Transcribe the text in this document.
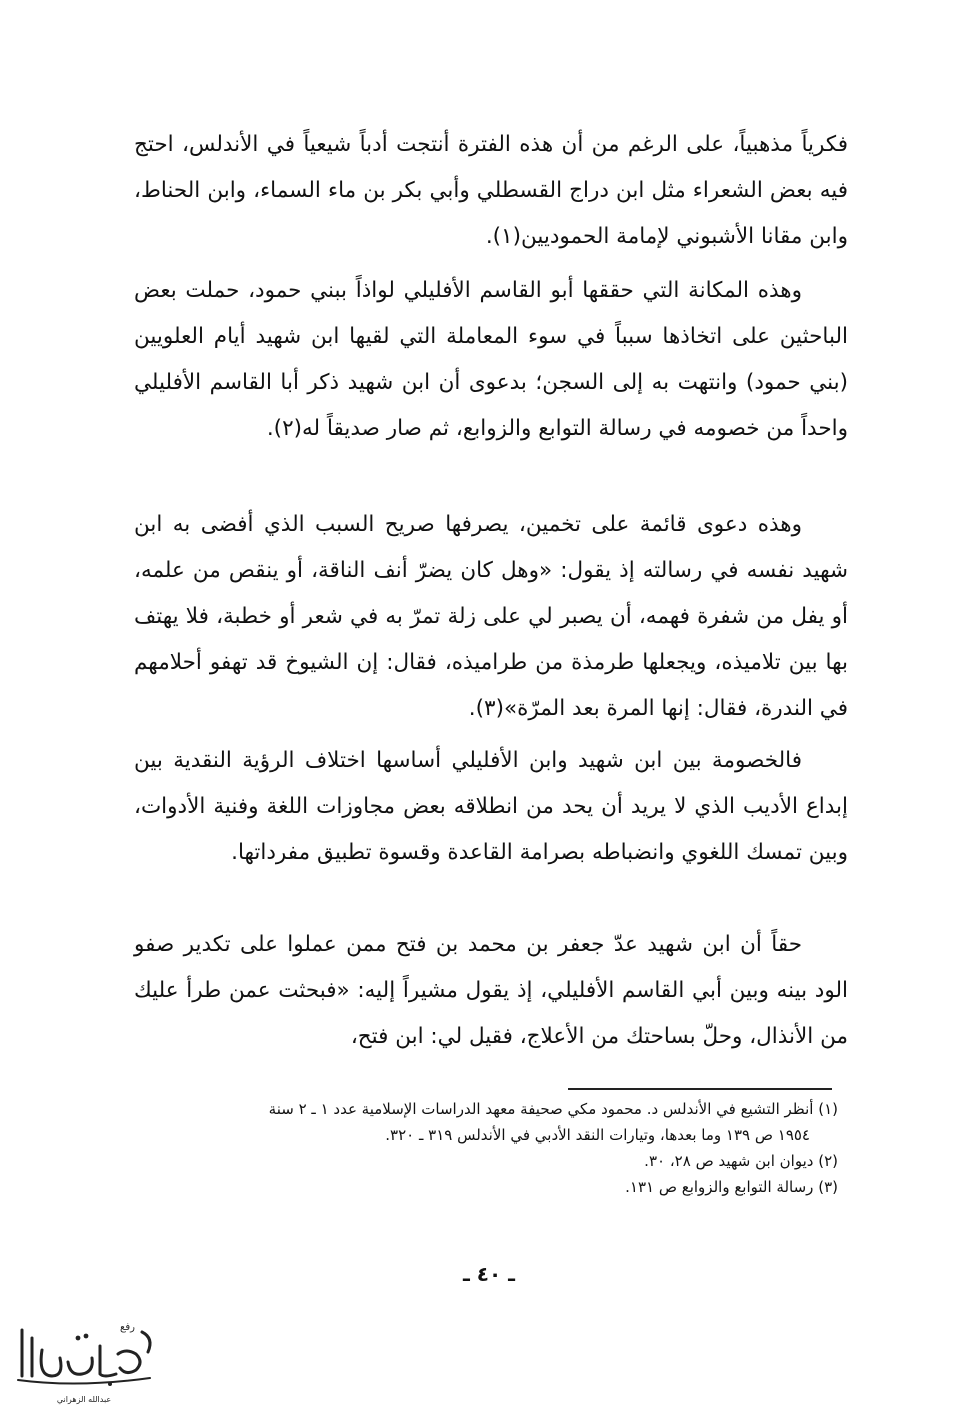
فكرياً مذهبياً، على الرغم من أن هذه الفترة أنتجت أدباً شيعياً في الأندلس، احتج فيه بعض الشعراء مثل ابن دراج القسطلي وأبي بكر بن ماء السماء، وابن الحناط، وابن مقانا الأشبوني لإمامة الحموديين(١).

وهذه المكانة التي حققها أبو القاسم الأفليلي لواذاً ببني حمود، حملت بعض الباحثين على اتخاذها سبباً في سوء المعاملة التي لقيها ابن شهيد أيام العلويين (بني حمود) وانتهت به إلى السجن؛ بدعوى أن ابن شهيد ذكر أبا القاسم الأفليلي واحداً من خصومه في رسالة التوابع والزوابع، ثم صار صديقاً له(٢).

وهذه دعوى قائمة على تخمين، يصرفها صريح السبب الذي أفضى به ابن شهيد نفسه في رسالته إذ يقول: «وهل كان يضرّ أنف الناقة، أو ينقص من علمه، أو يفل من شفرة فهمه، أن يصبر لي على زلة تمرّ به في شعر أو خطبة، فلا يهتف بها بين تلاميذه، ويجعلها طرمذة من طراميذه، فقال: إن الشيوخ قد تهفو أحلامهم في الندرة، فقال: إنها المرة بعد المرّة»(٣).

فالخصومة بين ابن شهيد وابن الأفليلي أساسها اختلاف الرؤية النقدية بين إبداع الأديب الذي لا يريد أن يحد من انطلاقه بعض مجاوزات اللغة وفنية الأدوات، وبين تمسك اللغوي وانضباطه بصرامة القاعدة وقسوة تطبيق مفرداتها.

حقاً أن ابن شهيد عدّ جعفر بن محمد بن فتح ممن عملوا على تكدير صفو الود بينه وبين أبي القاسم الأفليلي، إذ يقول مشيراً إليه: «فبحثت عمن طرأ عليك من الأنذال، وحلّ بساحتك من الأعلاج، فقيل لي: ابن فتح،

(١) أنظر التشيع في الأندلس د. محمود مكي صحيفة معهد الدراسات الإسلامية عدد ١ ـ ٢ سنة
١٩٥٤ ص ١٣٩ وما بعدها، وتيارات النقد الأدبي في الأندلس ٣١٩ ـ ٣٢٠.

(٢) ديوان ابن شهيد ص ٢٨، ٣٠.

(٣) رسالة التوابع والزوابع ص ١٣١.

ـ ٤٠ ـ
رفع
عبدالله الزهراني
